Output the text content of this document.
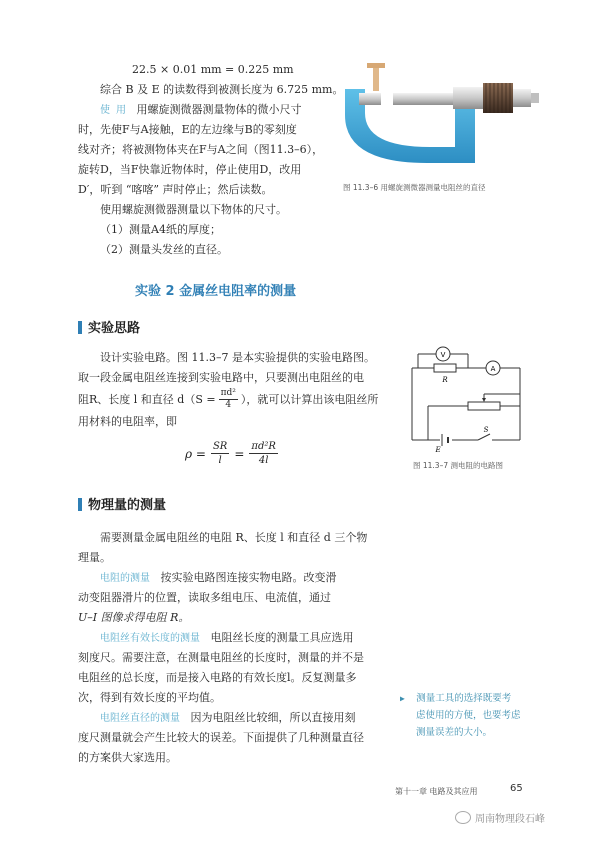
22.5 × 0.01 mm = 0.225 mm
综合 B 及 E 的读数得到被测长度为 6.725 mm。
使 用 用螺旋测微器测量物体的微小尺寸
时，先使F与A接触，E的左边缘与B的零刻度
线对齐；将被测物体夹在F与A之间（图11.3–6），
旋转D，当F快靠近物体时，停止使用D，改用
D′，听到 “喀喀” 声时停止；然后读数。
使用螺旋测微器测量以下物体的尺寸。
（1）测量A4纸的厚度；
（2）测量头发丝的直径。
图 11.3–6 用螺旋测微器测量电阻丝的直径
实验 2 金属丝电阻率的测量
实验思路
设计实验电路。图 11.3–7 是本实验提供的实验电路图。
取一段金属电阻丝连接到实验电路中，只要测出电阻丝的电
阻R、长度 l 和直径 $d(S = \frac{\text{πd²}}{4}$ ），就可以计算出该电阻丝所
用材料的电阻率，即
$\rho = \frac{SR}{l} = \frac{\text{πd²R}}{4l}$
V
A
R
E
S
图 11.3–7 测电阻的电路图
物理量的测量
需要测量金属电阻丝的电阻 R、长度 l 和直径 d 三个物
理量。
电阻的测量 按实验电路图连接实物电路。改变滑
动变阻器滑片的位置，读取多组电压、电流值，通过
U–I 图像求得电阻 R。
电阻丝有效长度的测量 电阻丝长度的测量工具应选用
刻度尺。需要注意，在测量电阻丝的长度时，测量的并不是
电阻丝的总长度，而是接入电路的有效长度l。反复测量多
次，得到有效长度的平均值。
电阻丝直径的测量 因为电阻丝比较细，所以直接用刻
度尺测量就会产生比较大的误差。下面提供了几种测量直径
的方案供大家选用。
▶ 测量工具的选择既要考
虑使用的方便，也要考虑
测量误差的大小。
第十一章 电路及其应用	65
周南物理段石峰
